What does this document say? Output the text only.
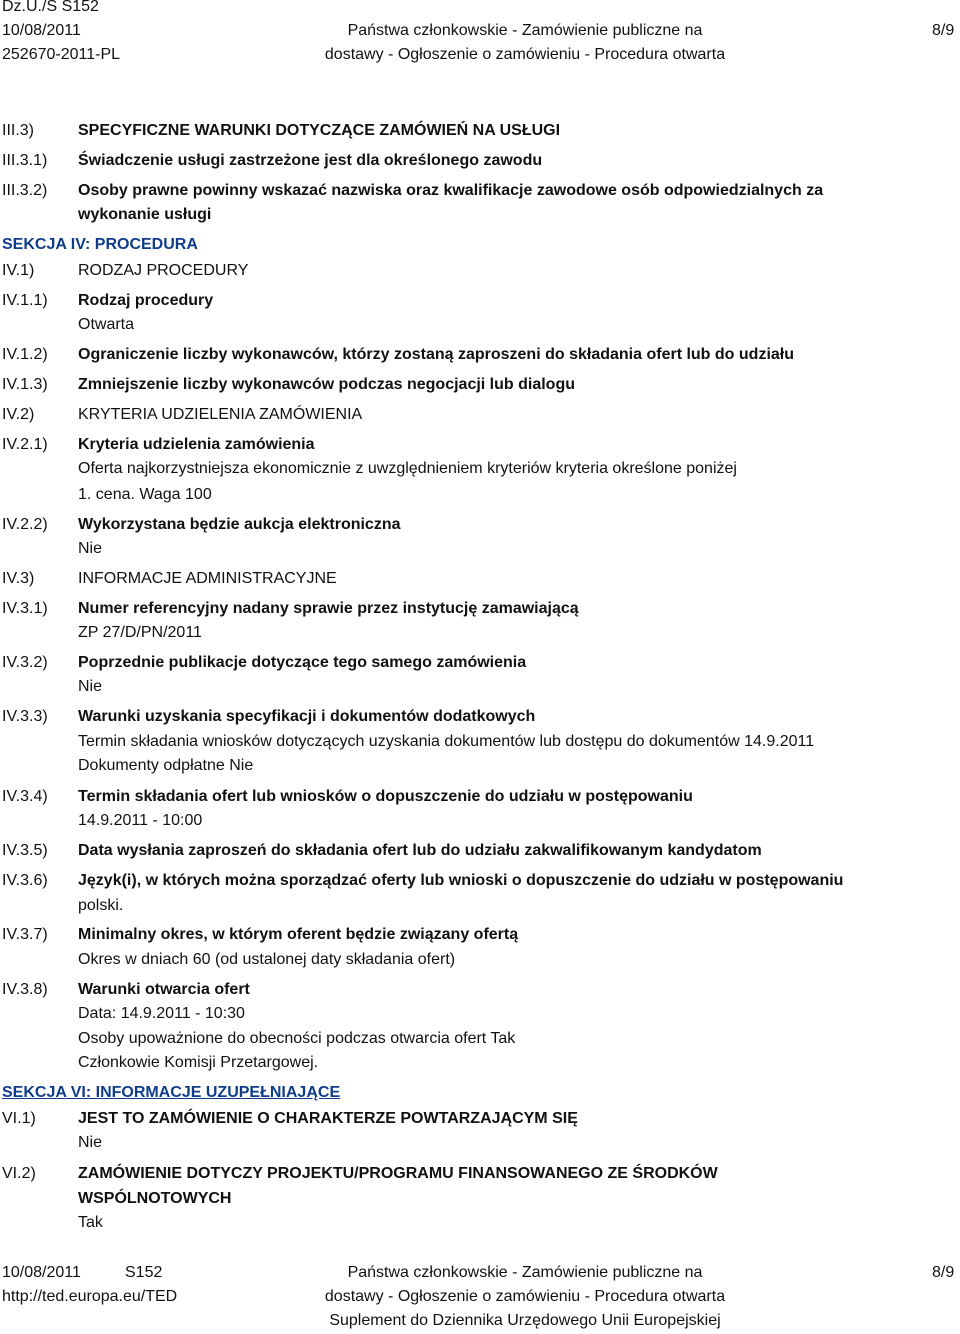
Dz.U./S S152
10/08/2011
252670-2011-PL
Państwa członkowskie - Zamówienie publiczne na
dostawy - Ogłoszenie o zamówieniu - Procedura otwarta
8/9
III.3)	SPECYFICZNE WARUNKI DOTYCZĄCE ZAMÓWIEŃ NA USŁUGI
III.3.1) Świadczenie usługi zastrzeżone jest dla określonego zawodu
III.3.2) Osoby prawne powinny wskazać nazwiska oraz kwalifikacje zawodowe osób odpowiedzialnych za
wykonanie usługi
SEKCJA IV: PROCEDURA
IV.1)	RODZAJ PROCEDURY
IV.1.1) Rodzaj procedury
Otwarta
IV.1.2) Ograniczenie liczby wykonawców, którzy zostaną zaproszeni do składania ofert lub do udziału
IV.1.3) Zmniejszenie liczby wykonawców podczas negocjacji lub dialogu
IV.2)	KRYTERIA UDZIELENIA ZAMÓWIENIA
IV.2.1) Kryteria udzielenia zamówienia
Oferta najkorzystniejsza ekonomicznie z uwzględnieniem kryteriów kryteria określone poniżej
1. cena. Waga 100
IV.2.2) Wykorzystana będzie aukcja elektroniczna
Nie
IV.3)	INFORMACJE ADMINISTRACYJNE
IV.3.1) Numer referencyjny nadany sprawie przez instytucję zamawiającą
ZP 27/D/PN/2011
IV.3.2) Poprzednie publikacje dotyczące tego samego zamówienia
Nie
IV.3.3) Warunki uzyskania specyfikacji i dokumentów dodatkowych
Termin składania wniosków dotyczących uzyskania dokumentów lub dostępu do dokumentów 14.9.2011
Dokumenty odpłatne Nie
IV.3.4) Termin składania ofert lub wniosków o dopuszczenie do udziału w postępowaniu
14.9.2011 - 10:00
IV.3.5) Data wysłania zaproszeń do składania ofert lub do udziału zakwalifikowanym kandydatom
IV.3.6) Język(i), w których można sporządzać oferty lub wnioski o dopuszczenie do udziału w postępowaniu
polski.
IV.3.7) Minimalny okres, w którym oferent będzie związany ofertą
Okres w dniach 60 (od ustalonej daty składania ofert)
IV.3.8) Warunki otwarcia ofert
Data: 14.9.2011 - 10:30
Osoby upoważnione do obecności podczas otwarcia ofert Tak
Członkowie Komisji Przetargowej.
SEKCJA VI: INFORMACJE UZUPEŁNIAJĄCE
VI.1)	JEST TO ZAMÓWIENIE O CHARAKTERZE POWTARZAJĄCYM SIĘ
Nie
VI.2)	ZAMÓWIENIE DOTYCZY PROJEKTU/PROGRAMU FINANSOWANEGO ZE ŚRODKÓW
WSPÓLNOTOWYCH
Tak
10/08/2011	S152
http://ted.europa.eu/TED
Państwa członkowskie - Zamówienie publiczne na
dostawy - Ogłoszenie o zamówieniu - Procedura otwarta
Suplement do Dziennika Urzędowego Unii Europejskiej
8/9
